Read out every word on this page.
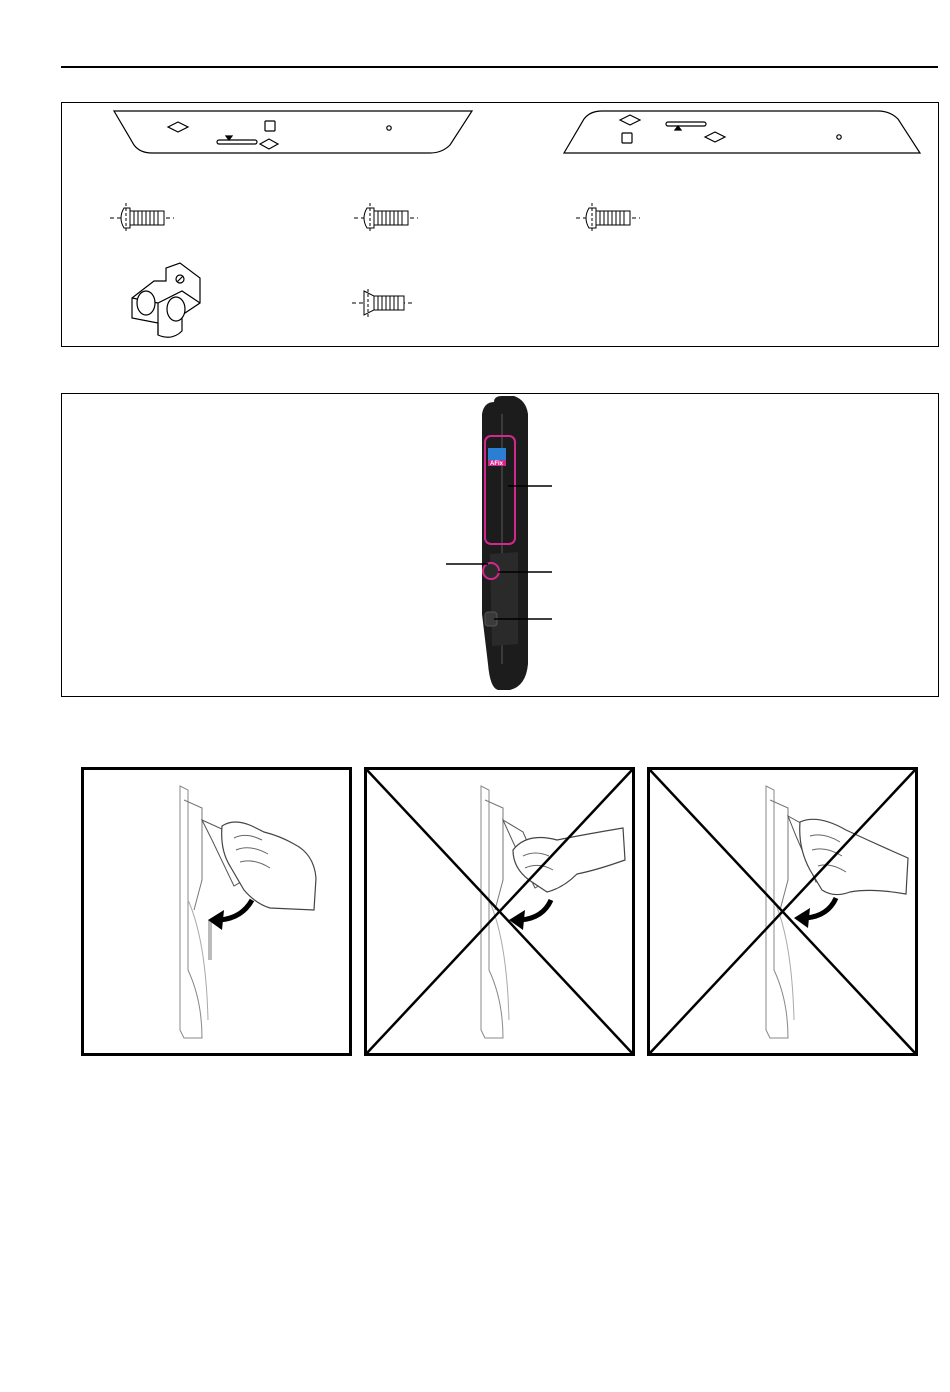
AFix
